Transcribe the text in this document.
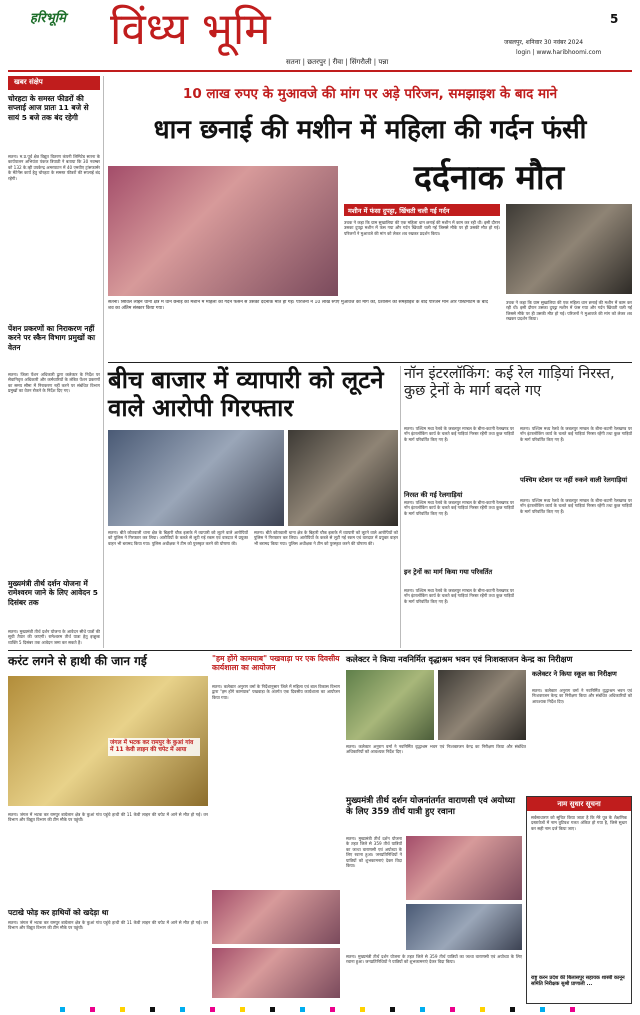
हरिभूमि विंध्य भूमि	5
सतना | छतरपुर | रीवा | सिंगरौली | पन्ना
जबलपुर, शनिवार 30 नवंबर 2024
login | www.haribhoomi.com
खबर संक्षेप
चोरहटा के समस्त फीडरों की सप्लाई आज प्रातः 11 बजे से सायं 5 बजे तक बंद रहेगी
सतना। म.प्र.पूर्व क्षेत्र विद्युत वितरण कंपनी लिमिटेड सतना के कार्यपालन अभियंता पंकज त्रिपाठी ने बताया कि 30 नवम्बर को 132 के.व्ही उपकेन्द्र अमरपाटन में 40 एमवीए ट्रांसफार्मर के मेंटेनेंस कार्य हेतु चोरहटा के समस्त फीडरों की सप्लाई बंद रहेगी।
पेंशन प्रकरणों का निराकरण नहीं करने पर स्कैन विभाग प्रमुखों का वेतन
सतना। जिला पेंशन अधिकारी द्वारा कलेक्टर के निर्देश पर सेवानिवृत्त अधिकारी और कर्मचारियों के लंबित पेंशन प्रकरणों का समय सीमा में निराकरण नहीं करने पर संबंधित विभाग प्रमुखों का वेतन रोकने के निर्देश दिए गए।
मुख्यमंत्री तीर्थ दर्शन योजना में रामेश्वरम जाने के लिए आवेदन 5 दिसंबर तक
सतना। मुख्यमंत्री तीर्थ दर्शन योजना के आवेदन सीधे पात्रों की सूची तैयार की जाएगी। रामेश्वरम तीर्थ यात्रा हेतु इच्छुक व्यक्ति 5 दिसंबर तक आवेदन जमा कर सकते हैं।
10 लाख रुपए के मुआवजे की मांग पर अड़े परिजन, समझाइश के बाद माने
धान छनाई की मशीन में महिला की गर्दन फंसी
दर्दनाक मौत
सतना। सिविल लाइन थाना क्षेत्र में धान छनाई की मशीन में महिला की गर्दन फंसने से उसकी दर्दनाक मौत हो गई। परिजनों ने 10 लाख रुपए मुआवजे की मांग की, प्रशासन की समझाइश के बाद परिजन माने और पोस्टमार्टम के बाद शव का अंतिम संस्कार किया गया।
मशीन में फंसा दुपट्टा, खिंचती चली गई गर्दन
उचक ने कहा कि ग्राम सुखालिया की एक महिला धान छनाई की मशीन में काम कर रही थी। इसी दौरान उसका दुपट्टा मशीन में फंस गया और गर्दन खिंचती चली गई जिससे मौके पर ही उसकी मौत हो गई। परिजनों ने मुआवजे की मांग को लेकर शव रखकर प्रदर्शन किया।
उचक ने कहा कि ग्राम सुखालिया की एक महिला धान छनाई की मशीन में काम कर रही थी। इसी दौरान उसका दुपट्टा मशीन में फंस गया और गर्दन खिंचती चली गई जिससे मौके पर ही उसकी मौत हो गई। परिजनों ने मुआवजे की मांग को लेकर शव रखकर प्रदर्शन किया।
बीच बाजार में व्यापारी को लूटने वाले आरोपी गिरफ्तार
सतना। बीते कोतवाली थाना क्षेत्र के बिहारी चौक इलाके में व्यापारी को लूटने वाले आरोपियों को पुलिस ने गिरफ्तार कर लिया। आरोपियों के कब्जे से लूटी गई रकम एवं वारदात में प्रयुक्त वाहन भी बरामद किया गया। पुलिस अधीक्षक ने टीम को पुरस्कृत करने की घोषणा की।
सतना। बीते कोतवाली थाना क्षेत्र के बिहारी चौक इलाके में व्यापारी को लूटने वाले आरोपियों को पुलिस ने गिरफ्तार कर लिया। आरोपियों के कब्जे से लूटी गई रकम एवं वारदात में प्रयुक्त वाहन भी बरामद किया गया। पुलिस अधीक्षक ने टीम को पुरस्कृत करने की घोषणा की।
नॉन इंटरलॉकिंग: कई रेल गाड़ियां निरस्त, कुछ ट्रेनों के मार्ग बदले गए
सतना। पश्चिम मध्य रेलवे के जबलपुर मण्डल के बीना-कटनी रेलखण्ड पर नॉन इंटरलॉकिंग कार्य के चलते कई गाड़ियां निरस्त रहेंगी तथा कुछ गाड़ियों के मार्ग परिवर्तित किए गए हैं।
निरस्त की गई रेलगाड़ियां
सतना। पश्चिम मध्य रेलवे के जबलपुर मण्डल के बीना-कटनी रेलखण्ड पर नॉन इंटरलॉकिंग कार्य के चलते कई गाड़ियां निरस्त रहेंगी तथा कुछ गाड़ियों के मार्ग परिवर्तित किए गए हैं।
इन ट्रेनों का मार्ग किया गया परिवर्तित
सतना। पश्चिम मध्य रेलवे के जबलपुर मण्डल के बीना-कटनी रेलखण्ड पर नॉन इंटरलॉकिंग कार्य के चलते कई गाड़ियां निरस्त रहेंगी तथा कुछ गाड़ियों के मार्ग परिवर्तित किए गए हैं।
पश्चिम स्टेशन पर नहीं रुकने वाली रेलगाड़ियां
सतना। पश्चिम मध्य रेलवे के जबलपुर मण्डल के बीना-कटनी रेलखण्ड पर नॉन इंटरलॉकिंग कार्य के चलते कई गाड़ियां निरस्त रहेंगी तथा कुछ गाड़ियों के मार्ग परिवर्तित किए गए हैं।
सतना। पश्चिम मध्य रेलवे के जबलपुर मण्डल के बीना-कटनी रेलखण्ड पर नॉन इंटरलॉकिंग कार्य के चलते कई गाड़ियां निरस्त रहेंगी तथा कुछ गाड़ियों के मार्ग परिवर्तित किए गए हैं।
करंट लगने से हाथी की जान गई
जंगल में भटक कर रामपुर के कुआं गांव में 11 केवी लाइन की चपेट में आया
सतना। जंगल में भटक कर रामपुर बाघेलान क्षेत्र के कुआं गांव पहुंचे हाथी की 11 केवी लाइन की चपेट में आने से मौत हो गई। वन विभाग और विद्युत विभाग की टीम मौके पर पहुंची।
पटाखे फोड़ कर हाथियों को खदेड़ा था
सतना। जंगल में भटक कर रामपुर बाघेलान क्षेत्र के कुआं गांव पहुंचे हाथी की 11 केवी लाइन की चपेट में आने से मौत हो गई। वन विभाग और विद्युत विभाग की टीम मौके पर पहुंची।
"हम होंगे कामयाब" पखवाड़ा पर एक दिवसीय कार्यशाला का आयोजन
सतना। कलेक्टर अनुराग वर्मा के निर्देशानुसार जिले में महिला एवं बाल विकास विभाग द्वारा "हम होंगे कामयाब" पखवाड़ा के अंतर्गत एक दिवसीय कार्यशाला का आयोजन किया गया।
कलेक्टर ने किया नवनिर्मित वृद्धाश्रम भवन एवं निःशक्तजन केन्द्र का निरीक्षण
सतना। कलेक्टर अनुराग वर्मा ने नवनिर्मित वृद्धाश्रम भवन एवं निःशक्तजन केन्द्र का निरीक्षण किया और संबंधित अधिकारियों को आवश्यक निर्देश दिए।
कलेक्टर ने किया स्कूल का निरीक्षण
सतना। कलेक्टर अनुराग वर्मा ने नवनिर्मित वृद्धाश्रम भवन एवं निःशक्तजन केन्द्र का निरीक्षण किया और संबंधित अधिकारियों को आवश्यक निर्देश दिए।
मुख्यमंत्री तीर्थ दर्शन योजनांतर्गत वाराणसी एवं अयोध्या के लिए 359 तीर्थ यात्री हुए रवाना
सतना। मुख्यमंत्री तीर्थ दर्शन योजना के तहत जिले से 359 तीर्थ यात्रियों का जत्था वाराणसी एवं अयोध्या के लिए रवाना हुआ। जनप्रतिनिधियों ने यात्रियों को शुभकामनाएं देकर विदा किया।
सतना। मुख्यमंत्री तीर्थ दर्शन योजना के तहत जिले से 359 तीर्थ यात्रियों का जत्था वाराणसी एवं अयोध्या के लिए रवाना हुआ। जनप्रतिनिधियों ने यात्रियों को शुभकामनाएं देकर विदा किया।
नाम सुधार सूचना
सर्वसाधारण को सूचित किया जाता है कि मेरे पुत्र के शैक्षणिक दस्तावेजों में नाम त्रुटिवश गलत अंकित हो गया है, जिसे सुधार कर सही नाम दर्ज किया जाए।
राष्ट्र करन प्रदेश की बिलासपुर सहायक शास्त्री कानून समिति निरीक्षक सुश्री प्राणाली ...
